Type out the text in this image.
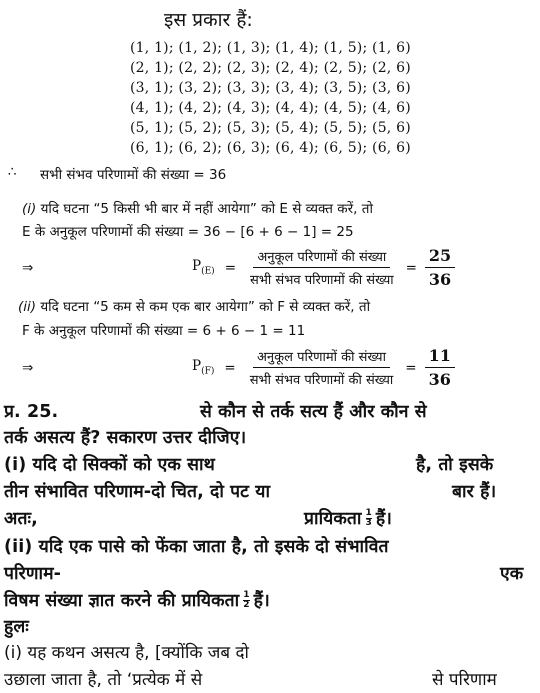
इस प्रकार हैं:
(1, 1); (1, 2); (1, 3); (1, 4); (1, 5); (1, 6)
(2, 1); (2, 2); (2, 3); (2, 4); (2, 5); (2, 6)
(3, 1); (3, 2); (3, 3); (3, 4); (3, 5); (3, 6)
(4, 1); (4, 2); (4, 3); (4, 4); (4, 5); (4, 6)
(5, 1); (5, 2); (5, 3); (5, 4); (5, 5); (5, 6)
(6, 1); (6, 2); (6, 3); (6, 4); (6, 5); (6, 6)
∴ सभी संभव परिणामों की संख्या = 36
(i) यदि घटना “5 किसी भी बार में नहीं आयेगा” को E से व्यक्त करें, तो
E के अनुकूल परिणामों की संख्या = 36 − [6 + 6 − 1] = 25
⇒	$P_{(E)} = \frac{\text{अनुकूल परिणामों की संख्या}}{\text{सभी संभव परिणामों की संख्या}} = \frac{25}{36}$
(ii) यदि घटना “5 कम से कम एक बार आयेगा” को F से व्यक्त करें, तो
F के अनुकूल परिणामों की संख्या = 6 + 6 − 1 = 11
⇒	$P_{(F)} = \frac{\text{अनुकूल परिणामों की संख्या}}{\text{सभी संभव परिणामों की संख्या}} = \frac{11}{36}$
प्र. 25.	से कौन से तर्क सत्य हैं और कौन से
तर्क असत्य हैं? सकारण उत्तर दीजिए।
(i) यदि दो सिक्कों को एक साथ	है, तो इसके
तीन संभावित परिणाम-दो चित, दो पट या	बार हैं।
अतः,	प्रायिकता $\frac{1}{3}$ हैं।
(ii) यदि एक पासे को फेंका जाता है, तो इसके दो संभावित
परिणाम-	एक
विषम संख्या ज्ञात करने की प्रायिकता $\frac{1}{2}$ हैं।
हुलः
(i) यह कथन असत्य है, [क्योंकि जब दो
उछाला जाता है, तो ‘प्रत्येक में से	से परिणाम
